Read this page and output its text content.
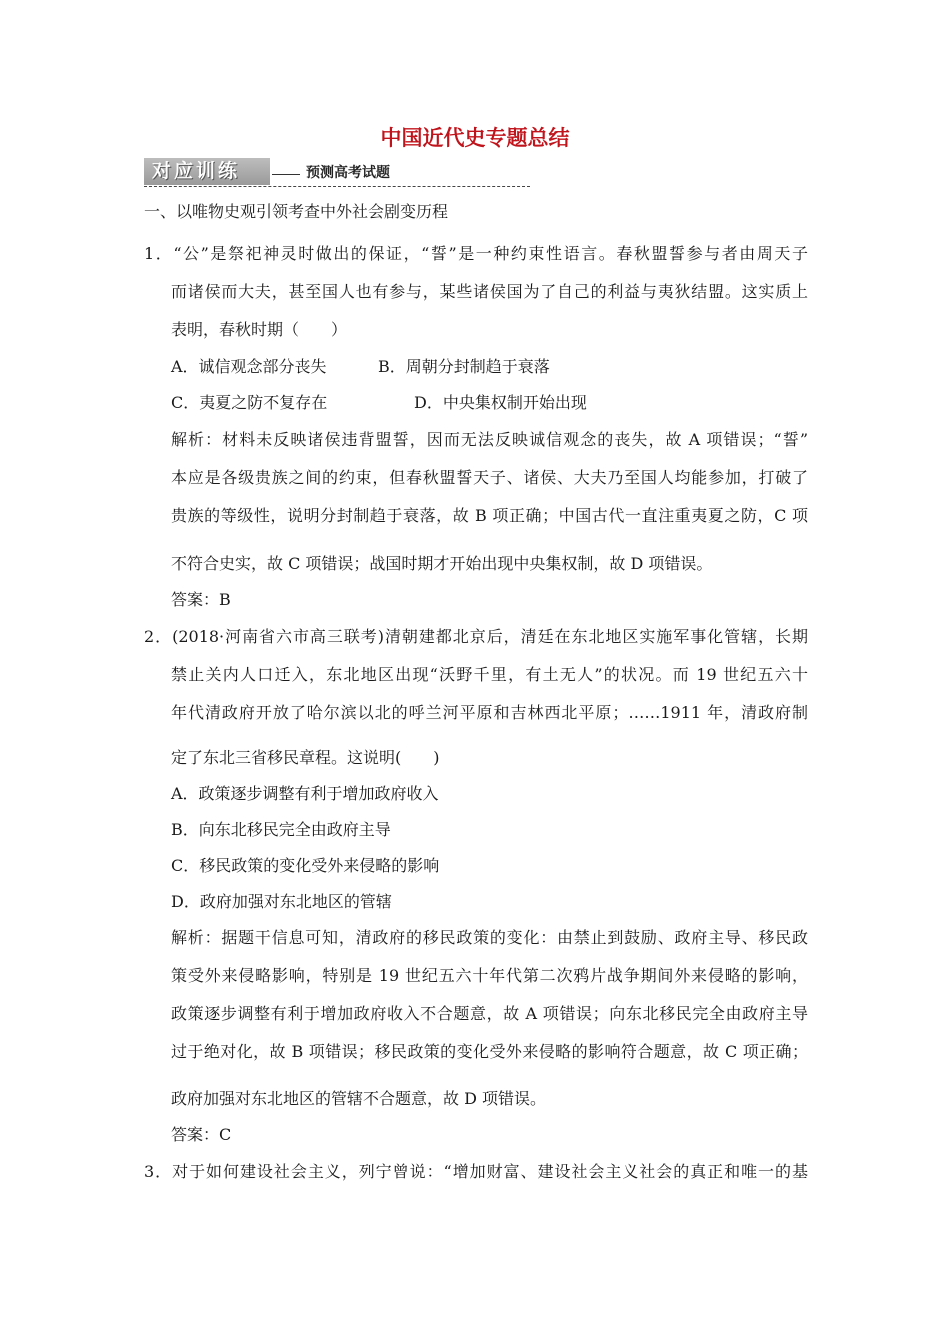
中国近代史专题总结
对应训练	预测高考试题
一、以唯物史观引领考查中外社会剧变历程
1．“公”是祭祀神灵时做出的保证，“誓”是一种约束性语言。春秋盟誓参与者由周天子
而诸侯而大夫，甚至国人也有参与，某些诸侯国为了自己的利益与夷狄结盟。这实质上
表明，春秋时期（　　）
A．诚信观念部分丧失	B．周朝分封制趋于衰落
C．夷夏之防不复存在	D．中央集权制开始出现
解析：材料未反映诸侯违背盟誓，因而无法反映诚信观念的丧失，故 A 项错误；“誓”
本应是各级贵族之间的约束，但春秋盟誓天子、诸侯、大夫乃至国人均能参加，打破了
贵族的等级性，说明分封制趋于衰落，故 B 项正确；中国古代一直注重夷夏之防，C 项
不符合史实，故 C 项错误；战国时期才开始出现中央集权制，故 D 项错误。
答案：B
2．(2018·河南省六市高三联考)清朝建都北京后，清廷在东北地区实施军事化管辖，长期
禁止关内人口迁入，东北地区出现“沃野千里，有土无人”的状况。而 19 世纪五六十
年代清政府开放了哈尔滨以北的呼兰河平原和吉林西北平原；……1911 年，清政府制
定了东北三省移民章程。这说明(　　)
A．政策逐步调整有利于增加政府收入
B．向东北移民完全由政府主导
C．移民政策的变化受外来侵略的影响
D．政府加强对东北地区的管辖
解析：据题干信息可知，清政府的移民政策的变化：由禁止到鼓励、政府主导、移民政
策受外来侵略影响，特别是 19 世纪五六十年代第二次鸦片战争期间外来侵略的影响，
政策逐步调整有利于增加政府收入不合题意，故 A 项错误；向东北移民完全由政府主导
过于绝对化，故 B 项错误；移民政策的变化受外来侵略的影响符合题意，故 C 项正确；
政府加强对东北地区的管辖不合题意，故 D 项错误。
答案：C
3．对于如何建设社会主义，列宁曾说：“增加财富、建设社会主义社会的真正和唯一的基
